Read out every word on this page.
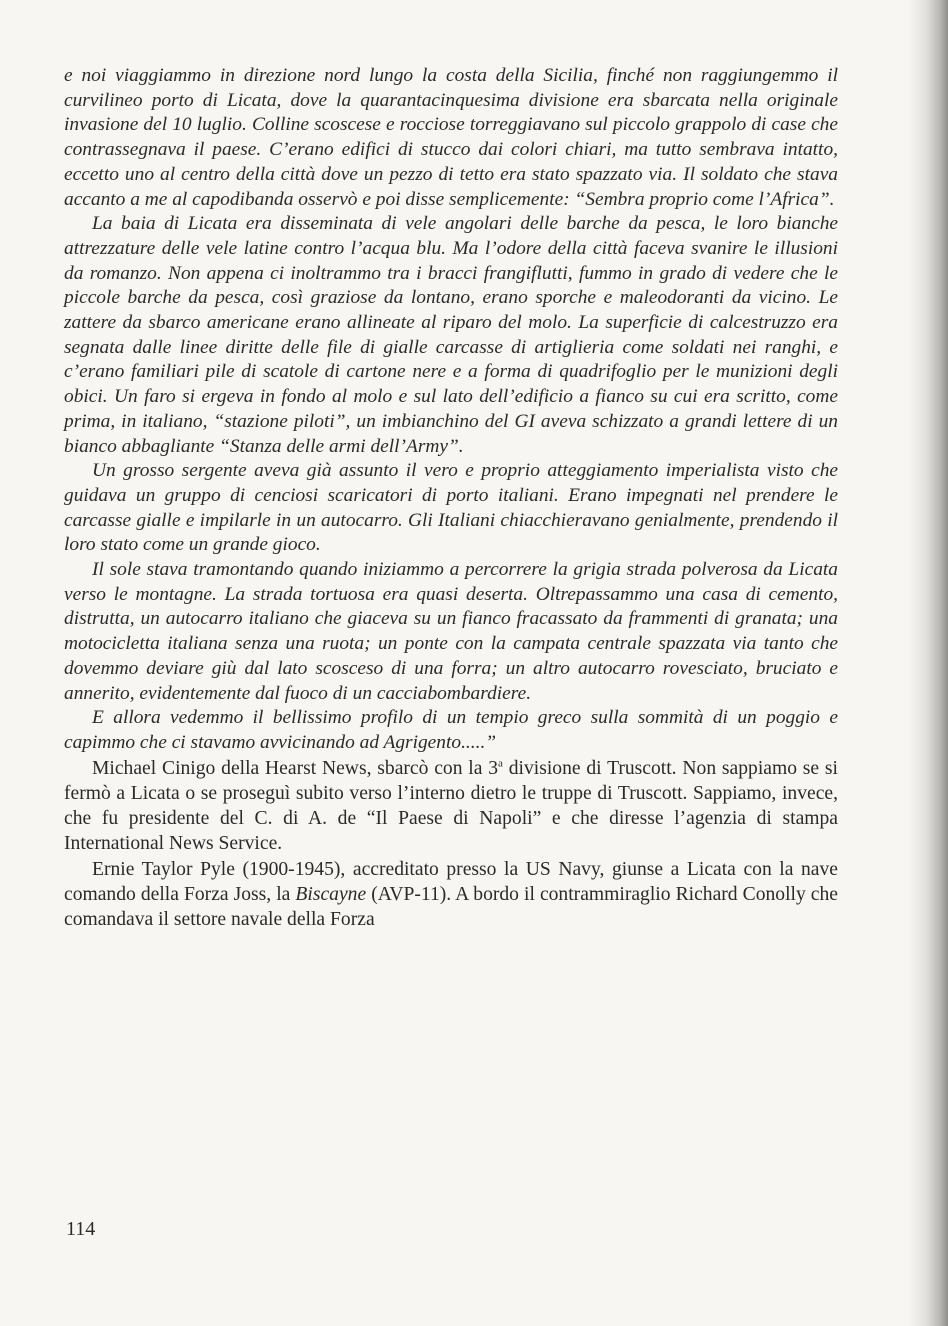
e noi viaggiammo in direzione nord lungo la costa della Sicilia, finché non raggiungemmo il curvilineo porto di Licata, dove la quarantacinquesima divisione era sbarcata nella originale invasione del 10 luglio. Colline scoscese e rocciose torreggiavano sul piccolo grappolo di case che contrassegnava il paese. C’erano edifici di stucco dai colori chiari, ma tutto sembrava intatto, eccetto uno al centro della città dove un pezzo di tetto era stato spazzato via. Il soldato che stava accanto a me al capodibanda osservò e poi disse semplicemente: “Sembra proprio come l’Africa”.

La baia di Licata era disseminata di vele angolari delle barche da pesca, le loro bianche attrezzature delle vele latine contro l’acqua blu. Ma l’odore della città faceva svanire le illusioni da romanzo. Non appena ci inoltrammo tra i bracci frangiflutti, fummo in grado di vedere che le piccole barche da pesca, così graziose da lontano, erano sporche e maleodoranti da vicino. Le zattere da sbarco americane erano allineate al riparo del molo. La superficie di calcestruzzo era segnata dalle linee diritte delle file di gialle carcasse di artiglieria come soldati nei ranghi, e c’erano familiari pile di scatole di cartone nere e a forma di quadrifoglio per le munizioni degli obici. Un faro si ergeva in fondo al molo e sul lato dell’edificio a fianco su cui era scritto, come prima, in italiano, “stazione piloti”, un imbianchino del GI aveva schizzato a grandi lettere di un bianco abbagliante “Stanza delle armi dell’Army”.

Un grosso sergente aveva già assunto il vero e proprio atteggiamento imperialista visto che guidava un gruppo di cenciosi scaricatori di porto italiani. Erano impegnati nel prendere le carcasse gialle e impilarle in un autocarro. Gli Italiani chiacchieravano genialmente, prendendo il loro stato come un grande gioco.

Il sole stava tramontando quando iniziammo a percorrere la grigia strada polverosa da Licata verso le montagne. La strada tortuosa era quasi deserta. Oltrepassammo una casa di cemento, distrutta, un autocarro italiano che giaceva su un fianco fracassato da frammenti di granata; una motocicletta italiana senza una ruota; un ponte con la campata centrale spazzata via tanto che dovemmo deviare giù dal lato scosceso di una forra; un altro autocarro rovesciato, bruciato e annerito, evidentemente dal fuoco di un cacciabombardiere.

E allora vedemmo il bellissimo profilo di un tempio greco sulla sommità di un poggio e capimmo che ci stavamo avvicinando ad Agrigento.....”

Michael Cinigo della Hearst News, sbarcò con la 3$^a$ divisione di Truscott. Non sappiamo se si fermò a Licata o se proseguì subito verso l’interno dietro le truppe di Truscott. Sappiamo, invece, che fu presidente del C. di A. de “Il Paese di Napoli” e che diresse l’agenzia di stampa International News Service.

Ernie Taylor Pyle (1900-1945), accreditato presso la US Navy, giunse a Licata con la nave comando della Forza Joss, la Biscayne (AVP-11). A bordo il contrammiraglio Richard Conolly che comandava il settore navale della Forza

114
